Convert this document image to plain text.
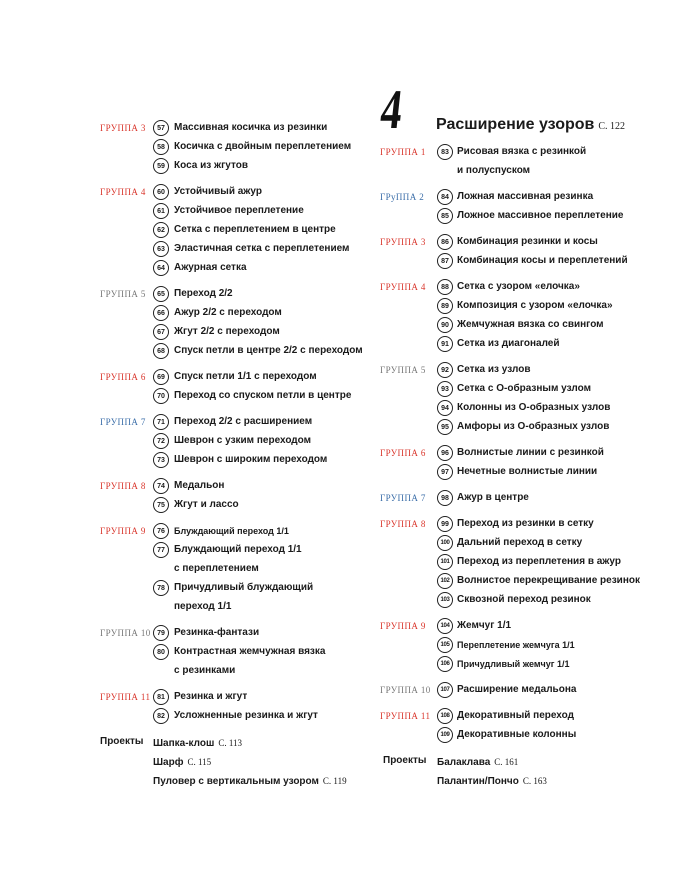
4 Расширение узоров С. 122
ГРУППА 3	57 Массивная косичка из резинки
58 Косичка с двойным переплетением
59 Коса из жгутов
ГРУППА 4	60 Устойчивый ажур
61 Устойчивое переплетение
62 Сетка с переплетением в центре
63 Эластичная сетка с переплетением
64 Ажурная сетка
ГРУППА 5	65 Переход 2/2
66 Ажур 2/2 с переходом
67 Жгут 2/2 с переходом
68 Спуск петли в центре 2/2 с переходом
ГРУППА 6	69 Спуск петли 1/1 с переходом
70 Переход со спуском петли в центре
ГРУППА 7	71 Переход 2/2 с расширением
72 Шеврон с узким переходом
73 Шеврон с широким переходом
ГРУППА 8	74 Медальон
75 Жгут и лассо
ГРУППА 9	76	Блуждающий переход 1/1
77 Блуждающий переход 1/1
с переплетением
78 Причудливый блуждающий
переход 1/1
ГРУППА 10 79 Резинка-фантази
80 Контрастная жемчужная вязка
с резинками
ГРУППА 11 81 Резинка и жгут
82 Усложненные резинка и жгут
Проекты Шапка-клош С. 113
Шарф С. 115
Пуловер с вертикальным узором С. 119
ГРУППА 1	83 Рисовая вязка с резинкой
и полуспуском
ГРуППА 2	84 Ложная массивная резинка
85 Ложное массивное переплетение
ГРУППА 3	86 Комбинация резинки и косы
87 Комбинация косы и переплетений
ГРУППА 4	88 Сетка с узором «елочка»
89 Композиция с узором «елочка»
90 Жемчужная вязка со свингом
91 Сетка из диагоналей
ГРУППА 5	92 Сетка из узлов
93 Сетка с О-образным узлом
94 Колонны из О-образных узлов
95 Амфоры из О-образных узлов
ГРУППА 6	96 Волнистые линии с резинкой
97 Нечетные волнистые линии
ГРУППА 7	98 Ажур в центре
ГРУППА 8	99 Переход из резинки в сетку
100 Дальний переход в сетку
101 Переход из переплетения в ажур
102 Волнистое перекрещивание резинок
103 Сквозной переход резинок
ГРУППА 9	104 Жемчуг 1/1
105 Переплетение жемчуга 1/1
106 Причудливый жемчуг 1/1
ГРУППА 10	107 Расширение медальона
ГРУППА 11	108 Декоративный переход
109 Декоративные колонны
Проекты Балаклава С. 161
Палантин/Пончо С. 163
